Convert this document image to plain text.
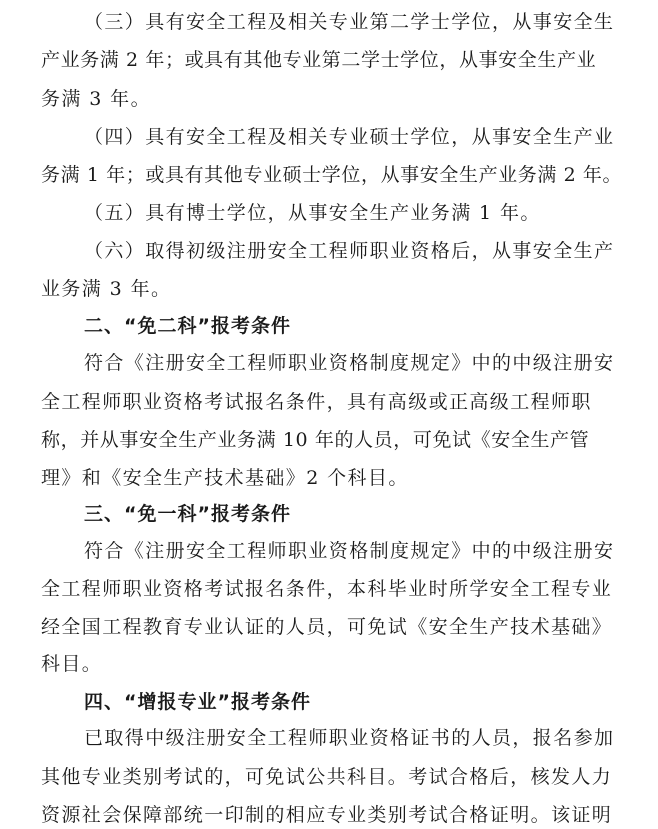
（三）具有安全工程及相关专业第二学士学位，从事安全生
产业务满 2 年；或具有其他专业第二学士学位，从事安全生产业
务满 3 年。
（四）具有安全工程及相关专业硕士学位，从事安全生产业
务满 1 年；或具有其他专业硕士学位，从事安全生产业务满 2 年。
（五）具有博士学位，从事安全生产业务满 1 年。
（六）取得初级注册安全工程师职业资格后，从事安全生产
业务满 3 年。
二、“免二科”报考条件
符合《注册安全工程师职业资格制度规定》中的中级注册安
全工程师职业资格考试报名条件，具有高级或正高级工程师职
称，并从事安全生产业务满 10 年的人员，可免试《安全生产管
理》和《安全生产技术基础》2 个科目。
三、“免一科”报考条件
符合《注册安全工程师职业资格制度规定》中的中级注册安
全工程师职业资格考试报名条件，本科毕业时所学安全工程专业
经全国工程教育专业认证的人员，可免试《安全生产技术基础》
科目。
四、“增报专业”报考条件
已取得中级注册安全工程师职业资格证书的人员，报名参加
其他专业类别考试的，可免试公共科目。考试合格后，核发人力
资源社会保障部统一印制的相应专业类别考试合格证明。该证明
